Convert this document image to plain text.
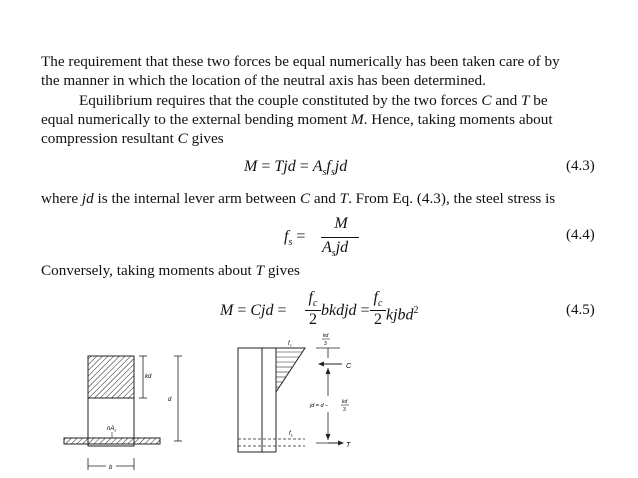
The requirement that these two forces be equal numerically has been taken care of by
the manner in which the location of the neutral axis has been determined.
Equilibrium requires that the couple constituted by the two forces C and T be
equal numerically to the external bending moment M. Hence, taking moments about
compression resultant C gives
M = Tjd = $A_sf_sjd$	(4.3)
where jd is the internal lever arm between C and T. From Eq. (4.3), the steel stress is
$f_s$ =
M
$A_sjd$
(4.4)
Conversely, taking moments about T gives
M = Cjd =
$f_c$
2
bkdjd =
$f_c$
2 kjbd$^2$	(4.5)
kd
d
$nA_s$
b
$f_c$
$f_s$
kd
3
C
jd = d –
kd
3
T
